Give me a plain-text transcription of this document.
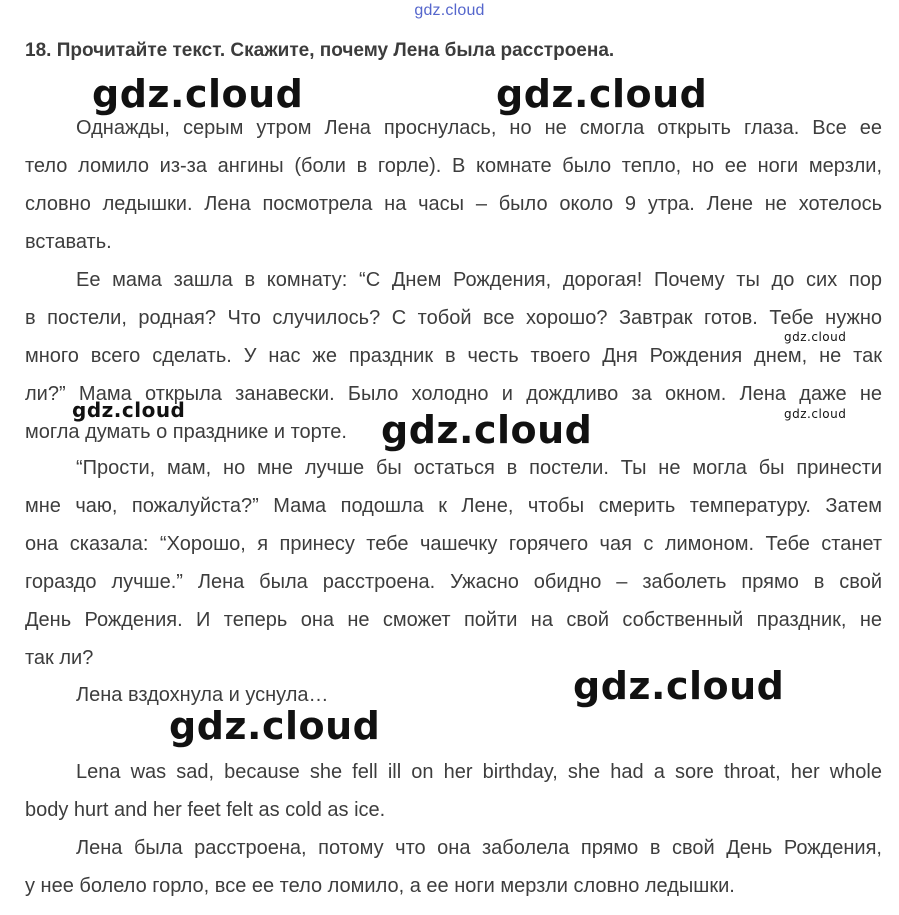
gdz.cloud
18. Прочитайте текст. Скажите, почему Лена была расстроена.

Однажды, серым утром Лена проснулась, но не смогла открыть глаза. Все ее
тело ломило из-за ангины (боли в горле). В комнате было тепло, но ее ноги мерзли,
словно ледышки. Лена посмотрела на часы – было около 9 утра. Лене не хотелось
вставать.

Ее мама зашла в комнату: “С Днем Рождения, дорогая! Почему ты до сих пор
в постели, родная? Что случилось? С тобой все хорошо? Завтрак готов. Тебе нужно
много всего сделать. У нас же праздник в честь твоего Дня Рождения днем, не так
ли?” Мама открыла занавески. Было холодно и дождливо за окном. Лена даже не
могла думать о празднике и торте.

“Прости, мам, но мне лучше бы остаться в постели. Ты не могла бы принести
мне чаю, пожалуйста?” Мама подошла к Лене, чтобы смерить температуру. Затем
она сказала: “Хорошо, я принесу тебе чашечку горячего чая с лимоном. Тебе станет
гораздо лучше.” Лена была расстроена. Ужасно обидно – заболеть прямо в свой
День Рождения. И теперь она не сможет пойти на свой собственный праздник, не
так ли?

Лена вздохнула и уснула…

Lena was sad, because she fell ill on her birthday, she had a sore throat, her whole
body hurt and her feet felt as cold as ice.

Лена была расстроена, потому что она заболела прямо в свой День Рождения,
у нее болело горло, все ее тело ломило, а ее ноги мерзли словно ледышки.

gdz.cloud	gdz.cloud
gdz.cloud
gdz.cloud	gdz.cloud
gdz.cloud
gdz.cloud
gdz.cloud
